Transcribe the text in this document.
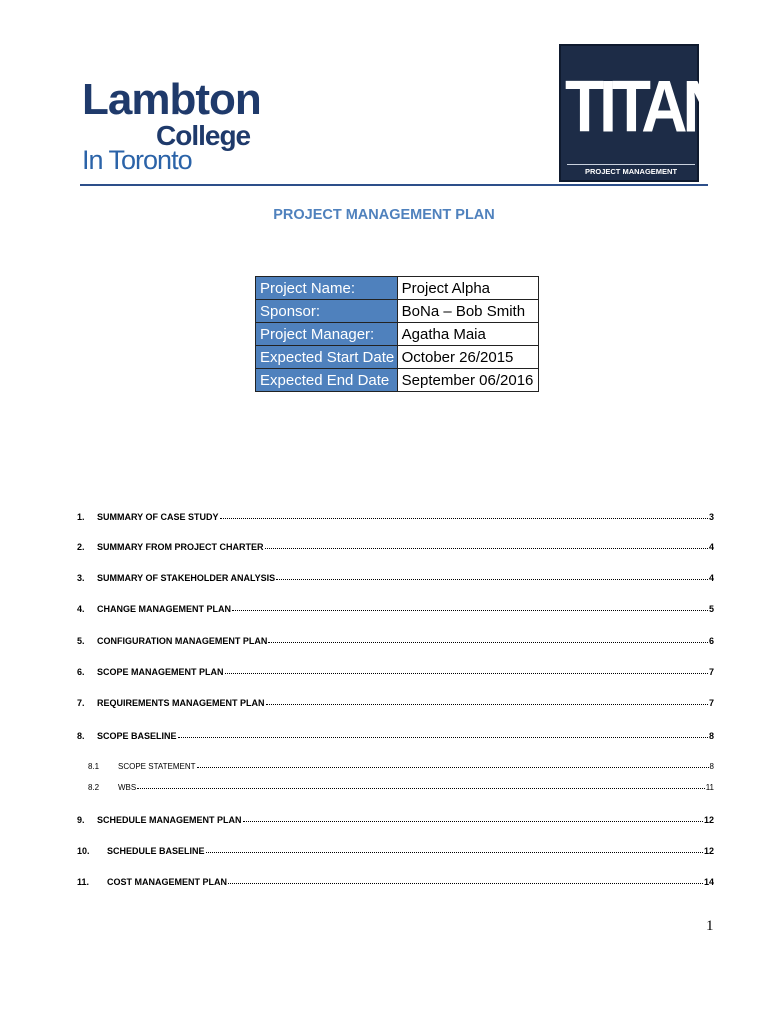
Lambton
College
In Toronto
TITANS
PROJECT MANAGEMENT
PROJECT MANAGEMENT PLAN
Project Name:	Project Alpha
Sponsor:	BoNa – Bob Smith
Project Manager:	Agatha Maia
Expected Start Date	October 26/2015
Expected End Date	September 06/2016
1.	SUMMARY OF CASE STUDY	3
2.	SUMMARY FROM PROJECT CHARTER	4
3.	SUMMARY OF STAKEHOLDER ANALYSIS	4
4.	CHANGE MANAGEMENT PLAN	5
5.	CONFIGURATION MANAGEMENT PLAN	6
6.	SCOPE MANAGEMENT PLAN	7
7.	REQUIREMENTS MANAGEMENT PLAN	7
8.	SCOPE BASELINE	8
8.1	SCOPE STATEMENT	8
8.2	WBS	11
9.	SCHEDULE MANAGEMENT PLAN	12
10.	SCHEDULE BASELINE	12
11.	COST MANAGEMENT PLAN	14
1
